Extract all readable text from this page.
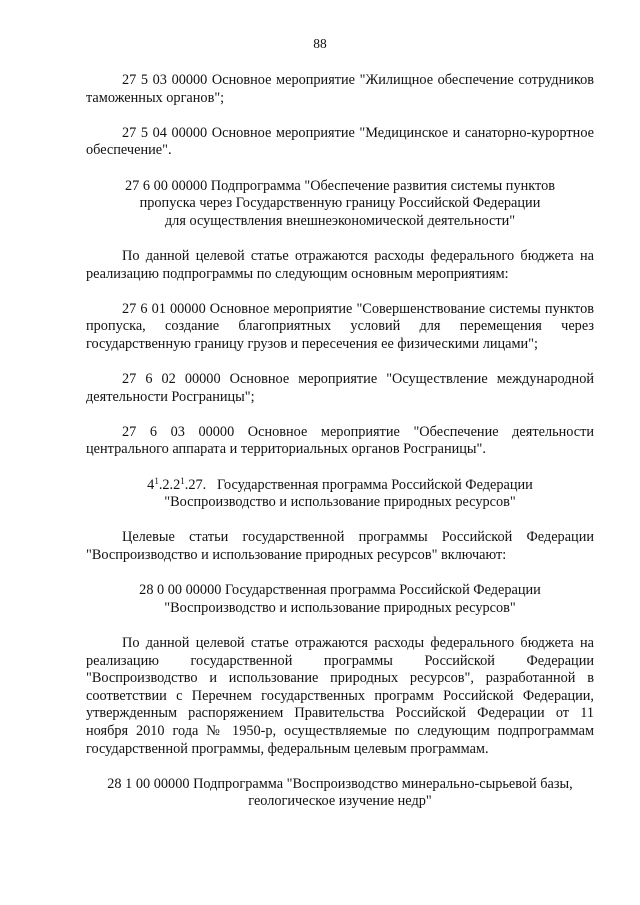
88

27 5 03 00000 Основное мероприятие "Жилищное обеспечение сотрудников таможенных органов";

27 5 04 00000 Основное мероприятие "Медицинское и санаторно-курортное обеспечение".

27 6 00 00000 Подпрограмма "Обеспечение развития системы пунктов
пропуска через Государственную границу Российской Федерации
для осуществления внешнеэкономической деятельности"

По данной целевой статье отражаются расходы федерального бюджета на реализацию подпрограммы по следующим основным мероприятиям:

27 6 01 00000 Основное мероприятие "Совершенствование системы пунктов пропуска, создание благоприятных условий для перемещения через государственную границу грузов и пересечения ее физическими лицами";

27 6 02 00000 Основное мероприятие "Осуществление международной деятельности Росграницы";

27 6 03 00000 Основное мероприятие "Обеспечение деятельности центрального аппарата и территориальных органов Росграницы".

$4^1.2.2^1.27$. Государственная программа Российской Федерации
"Воспроизводство и использование природных ресурсов"

Целевые статьи государственной программы Российской Федерации "Воспроизводство и использование природных ресурсов" включают:

28 0 00 00000 Государственная программа Российской Федерации
"Воспроизводство и использование природных ресурсов"

По данной целевой статье отражаются расходы федерального бюджета на реализацию государственной программы Российской Федерации "Воспроизводство и использование природных ресурсов", разработанной в соответствии с Перечнем государственных программ Российской Федерации, утвержденным распоряжением Правительства Российской Федерации от 11 ноября 2010 года № 1950-р, осуществляемые по следующим подпрограммам государственной программы, федеральным целевым программам.

28 1 00 00000 Подпрограмма "Воспроизводство минерально-сырьевой базы,
геологическое изучение недр"
